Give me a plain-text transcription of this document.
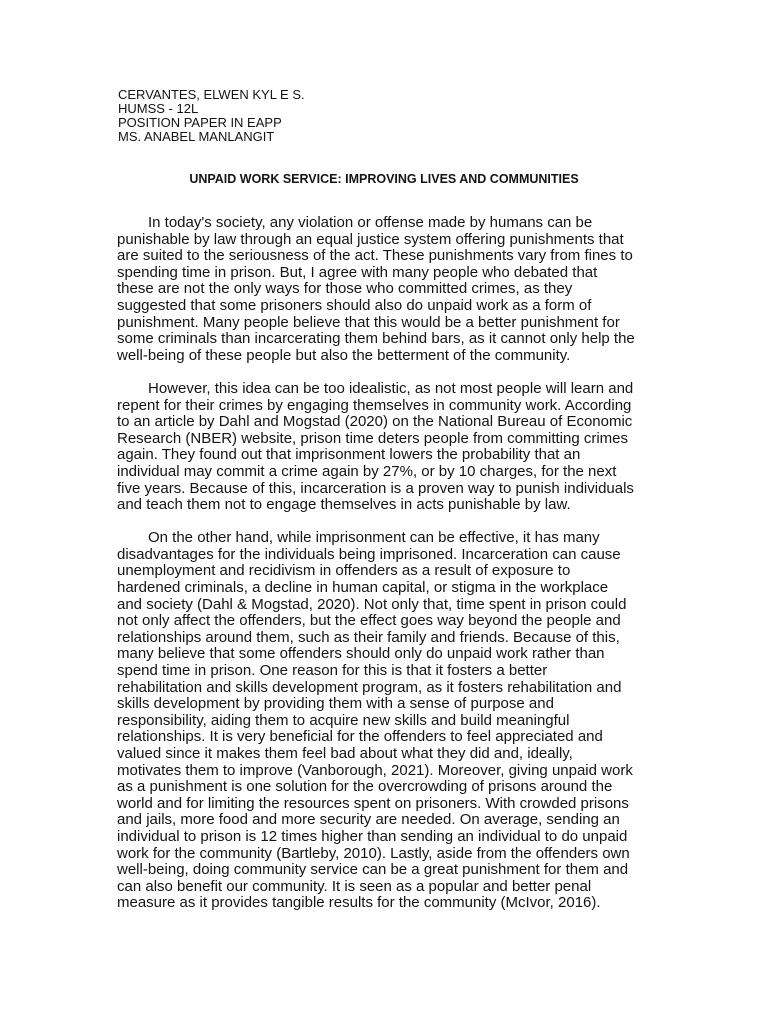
CERVANTES, ELWEN KYL E S.
HUMSS - 12L
POSITION PAPER IN EAPP
MS. ANABEL MANLANGIT
UNPAID WORK SERVICE: IMPROVING LIVES AND COMMUNITIES
In today's society, any violation or offense made by humans can be
punishable by law through an equal justice system offering punishments that
are suited to the seriousness of the act. These punishments vary from fines to
spending time in prison. But, I agree with many people who debated that
these are not the only ways for those who committed crimes, as they
suggested that some prisoners should also do unpaid work as a form of
punishment. Many people believe that this would be a better punishment for
some criminals than incarcerating them behind bars, as it cannot only help the
well-being of these people but also the betterment of the community.
However, this idea can be too idealistic, as not most people will learn and
repent for their crimes by engaging themselves in community work. According
to an article by Dahl and Mogstad (2020) on the National Bureau of Economic
Research (NBER) website, prison time deters people from committing crimes
again. They found out that imprisonment lowers the probability that an
individual may commit a crime again by 27%, or by 10 charges, for the next
five years. Because of this, incarceration is a proven way to punish individuals
and teach them not to engage themselves in acts punishable by law.
On the other hand, while imprisonment can be effective, it has many
disadvantages for the individuals being imprisoned. Incarceration can cause
unemployment and recidivism in offenders as a result of exposure to
hardened criminals, a decline in human capital, or stigma in the workplace
and society (Dahl & Mogstad, 2020). Not only that, time spent in prison could
not only affect the offenders, but the effect goes way beyond the people and
relationships around them, such as their family and friends. Because of this,
many believe that some offenders should only do unpaid work rather than
spend time in prison. One reason for this is that it fosters a better
rehabilitation and skills development program, as it fosters rehabilitation and
skills development by providing them with a sense of purpose and
responsibility, aiding them to acquire new skills and build meaningful
relationships. It is very beneficial for the offenders to feel appreciated and
valued since it makes them feel bad about what they did and, ideally,
motivates them to improve (Vanborough, 2021). Moreover, giving unpaid work
as a punishment is one solution for the overcrowding of prisons around the
world and for limiting the resources spent on prisoners. With crowded prisons
and jails, more food and more security are needed. On average, sending an
individual to prison is 12 times higher than sending an individual to do unpaid
work for the community (Bartleby, 2010). Lastly, aside from the offenders own
well-being, doing community service can be a great punishment for them and
can also benefit our community. It is seen as a popular and better penal
measure as it provides tangible results for the community (McIvor, 2016).
